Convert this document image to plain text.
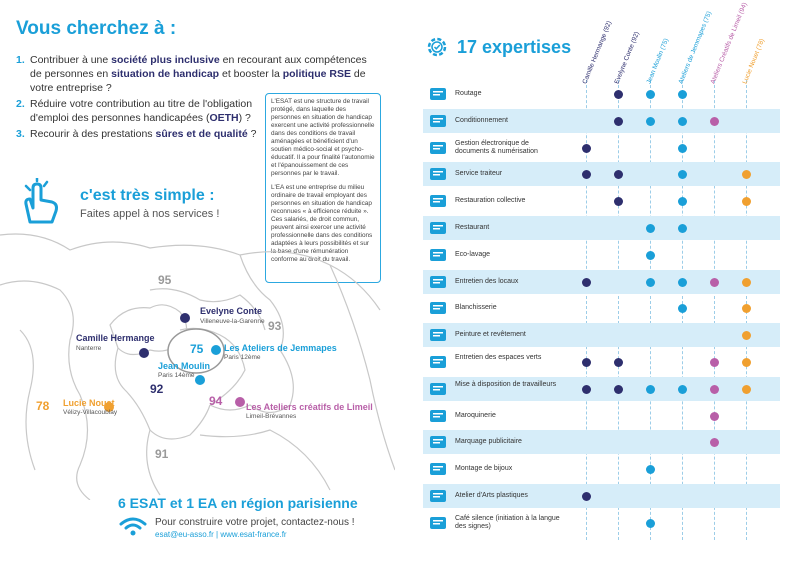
Vous cherchez à :
1. Contribuer à une société plus inclusive en recourant aux compétences de personnes en situation de handicap et booster la politique RSE de votre entreprise ?
2. Réduire votre contribution au titre de l'obligation d'emploi des personnes handicapées (OETH) ?
3. Recourir à des prestations sûres et de qualité ?

L'ESAT est une structure de travail protégé, dans laquelle des personnes en situation de handicap exercent une activité professionnelle dans des conditions de travail aménagées et bénéficient d'un soutien médico-social et psycho-éducatif. Il a pour finalité l'autonomie et l'épanouissement de ces personnes par le travail.

L'EA est une entreprise du milieu ordinaire de travail employant des personnes en situation de handicap reconnues « à efficience réduite ». Ces salariés, de droit commun, peuvent ainsi exercer une activité professionnelle dans des conditions adaptées à leurs possibilités et sur la base d'une rémunération conforme au droit du travail.

c'est très simple :
Faites appel à nos services !
95
93
75
92
94
78
91
Evelyne Conte
Villeneuve-la-Garenne
Camille Hermange
Nanterre	Les Ateliers de Jemmapes
Paris 12ème
Jean Moulin
Paris 14ème
Lucie Nouet
Vélizy-Villacoublay
Les Ateliers créatifs de Limeil
Limeil-Brévannes
6 ESAT et 1 EA en région parisienne
Pour construire votre projet, contactez-nous !
esat@eu-asso.fr | www.esat-france.fr
17 expertises Camille Hermange (92) Evelyne Conte (92) Jean Moulin (75) Ateliers de Jemmapes (75)
Ateliers Créatifs de Limeil (94)
Lucie Nouet (78)
Routage
Conditionnement
Gestion électronique de documents & numérisation
Service traiteur
Restauration collective
Restaurant
Eco-lavage
Entretien des locaux
Blanchisserie
Peinture et revêtement
Entretien des espaces verts
Mise à disposition de travailleurs
Maroquinerie
Marquage publicitaire
Montage de bijoux
Atelier d'Arts plastiques
Café silence (initiation à la langue des signes)
